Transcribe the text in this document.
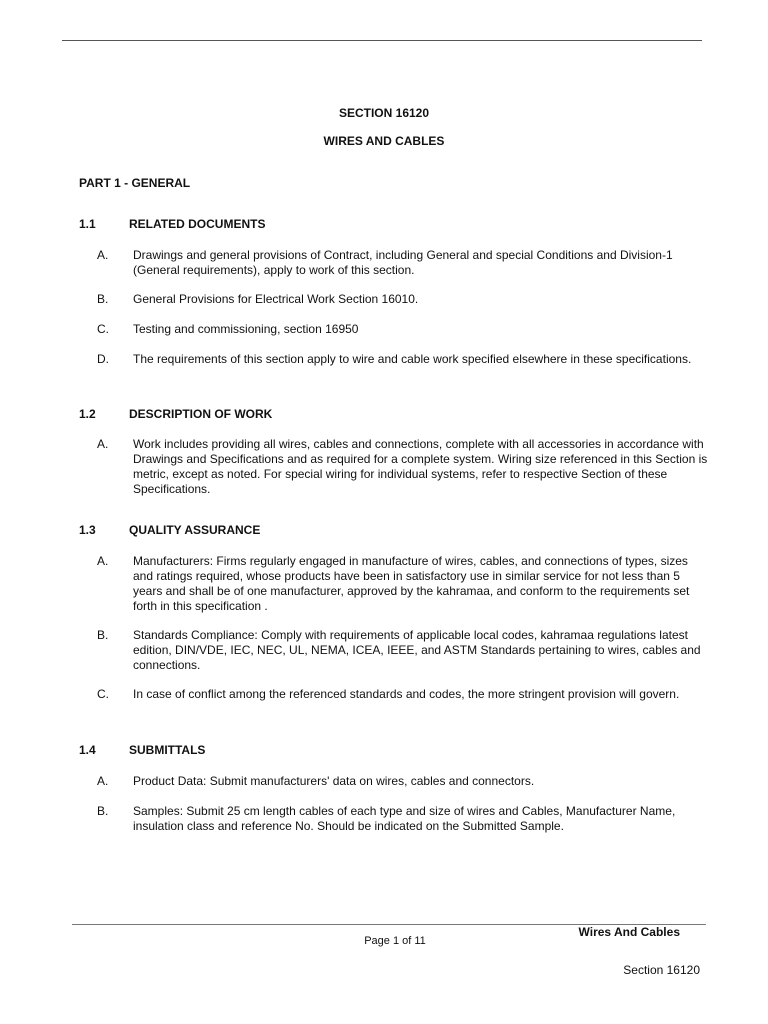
SECTION 16120
WIRES AND CABLES
PART 1 - GENERAL
1.1	RELATED DOCUMENTS
A. Drawings and general provisions of Contract, including General and special Conditions and Division-1 (General requirements), apply to work of this section.
B. General Provisions for Electrical Work Section 16010.
C. Testing and commissioning, section 16950
D. The requirements of this section apply to wire and cable work specified elsewhere in these specifications.
1.2	DESCRIPTION OF WORK
A. Work includes providing all wires, cables and connections, complete with all accessories in accordance with Drawings and Specifications and as required for a complete system. Wiring size referenced in this Section is metric, except as noted. For special wiring for individual systems, refer to respective Section of these Specifications.
1.3	QUALITY ASSURANCE
A. Manufacturers: Firms regularly engaged in manufacture of wires, cables, and connections of types, sizes and ratings required, whose products have been in satisfactory use in similar service for not less than 5 years and shall be of one manufacturer, approved by the kahramaa, and conform to the requirements set forth in this specification .
B. Standards Compliance: Comply with requirements of applicable local codes, kahramaa regulations latest edition, DIN/VDE, IEC, NEC, UL, NEMA, ICEA, IEEE, and ASTM Standards pertaining to wires, cables and connections.
C. In case of conflict among the referenced standards and codes, the more stringent provision will govern.
1.4	SUBMITTALS
A. Product Data: Submit manufacturers' data on wires, cables and connectors.
B. Samples: Submit 25 cm length cables of each type and size of wires and Cables, Manufacturer Name, insulation class and reference No. Should be indicated on the Submitted Sample.
Page 1 of 11
Wires And Cables
Section 16120
